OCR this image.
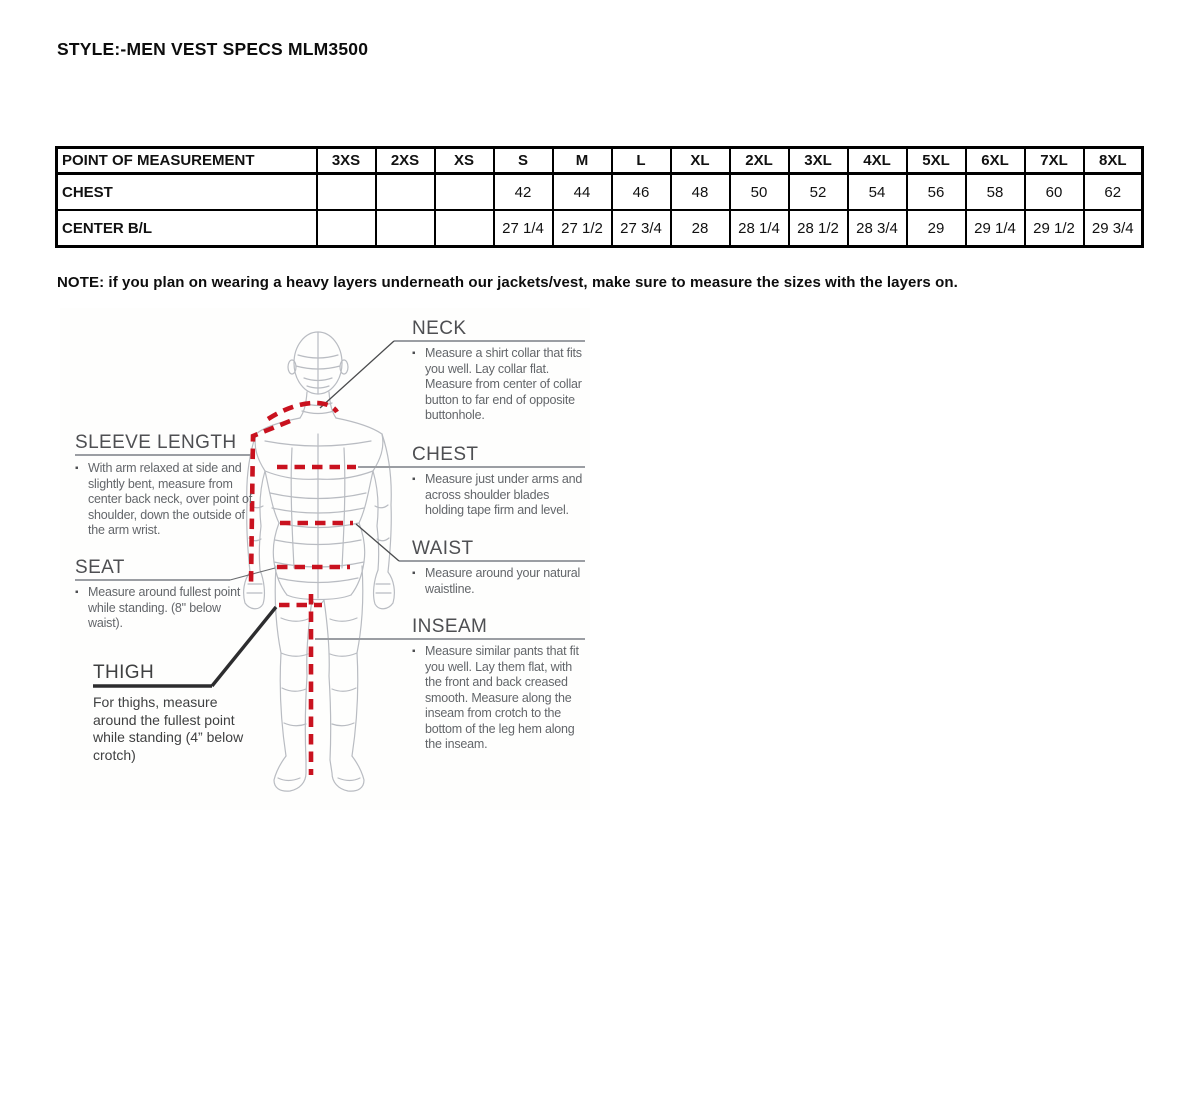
STYLE:-MEN VEST SPECS MLM3500
POINT OF MEASUREMENT	3XS	2XS	XS	S	M	L	XL	2XL	3XL	4XL	5XL	6XL	7XL	8XL
CHEST				42	44	46	48	50	52	54	56	58	60	62
CENTER B/L				27 1/4	27 1/2	27 3/4	28	28 1/4	28 1/2	28 3/4	29	29 1/4	29 1/2	29 3/4
NOTE: if you plan on wearing a heavy layers underneath our jackets/vest, make sure to measure the sizes with the layers on.
SLEEVE LENGTH

▪ With arm relaxed at side and slightly bent, measure from center back neck, over point of shoulder, down the outside of the arm wrist.

SEAT

▪ Measure around fullest point while standing. (8" below waist).

THIGH

For thighs, measure around the fullest point while standing (4” below crotch)

NECK

▪ Measure a shirt collar that fits you well. Lay collar flat. Measure from center of collar button to far end of opposite buttonhole.

CHEST

▪ Measure just under arms and across shoulder blades holding tape firm and level.

WAIST

▪ Measure around your natural waistline.

INSEAM

▪ Measure similar pants that fit you well. Lay them flat, with the front and back creased smooth. Measure along the inseam from crotch to the bottom of the leg hem along the inseam.
